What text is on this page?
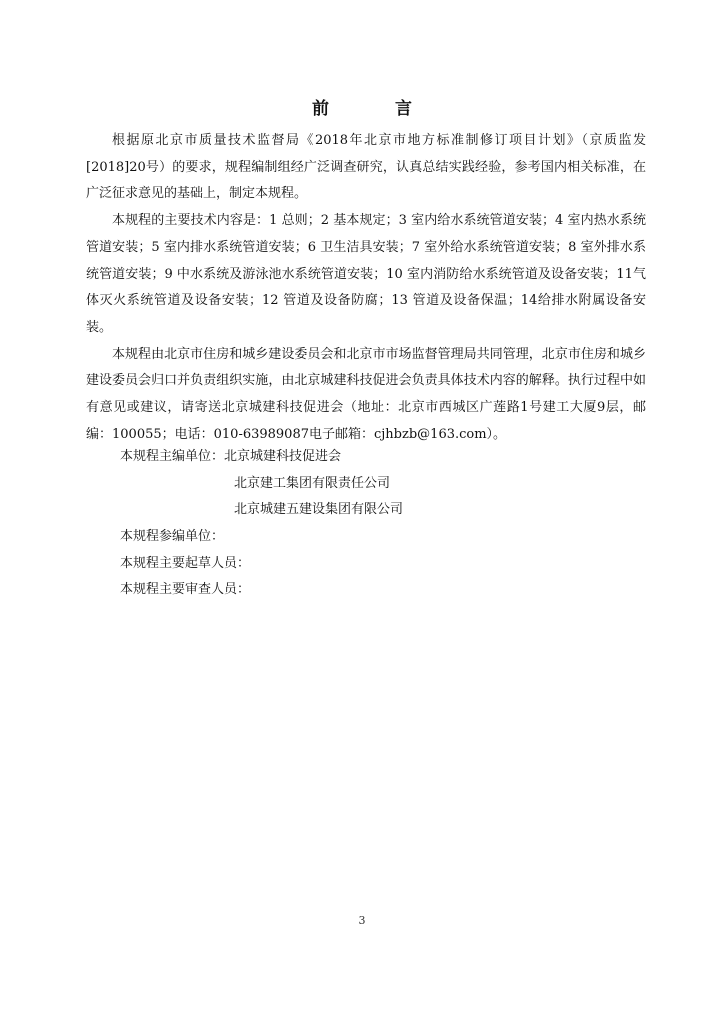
前 言

根据原北京市质量技术监督局《2018年北京市地方标准制修订项目计划》（京质监发[2018]20号）的要求，规程编制组经广泛调查研究，认真总结实践经验，参考国内相关标准，在广泛征求意见的基础上，制定本规程。

本规程的主要技术内容是：1 总则；2 基本规定；3 室内给水系统管道安装；4 室内热水系统管道安装；5 室内排水系统管道安装；6 卫生洁具安装；7 室外给水系统管道安装；8 室外排水系统管道安装；9 中水系统及游泳池水系统管道安装；10 室内消防给水系统管道及设备安装；11气体灭火系统管道及设备安装；12 管道及设备防腐；13 管道及设备保温；14给排水附属设备安装。

本规程由北京市住房和城乡建设委员会和北京市市场监督管理局共同管理，北京市住房和城乡建设委员会归口并负责组织实施，由北京城建科技促进会负责具体技术内容的解释。执行过程中如有意见或建议，请寄送北京城建科技促进会（地址：北京市西城区广莲路1号建工大厦9层，邮编：100055；电话：010-63989087电子邮箱：cjhbzb@163.com）。

本规程主编单位：北京城建科技促进会
北京建工集团有限责任公司
北京城建五建设集团有限公司
本规程参编单位：
本规程主要起草人员：
本规程主要审查人员：
3
